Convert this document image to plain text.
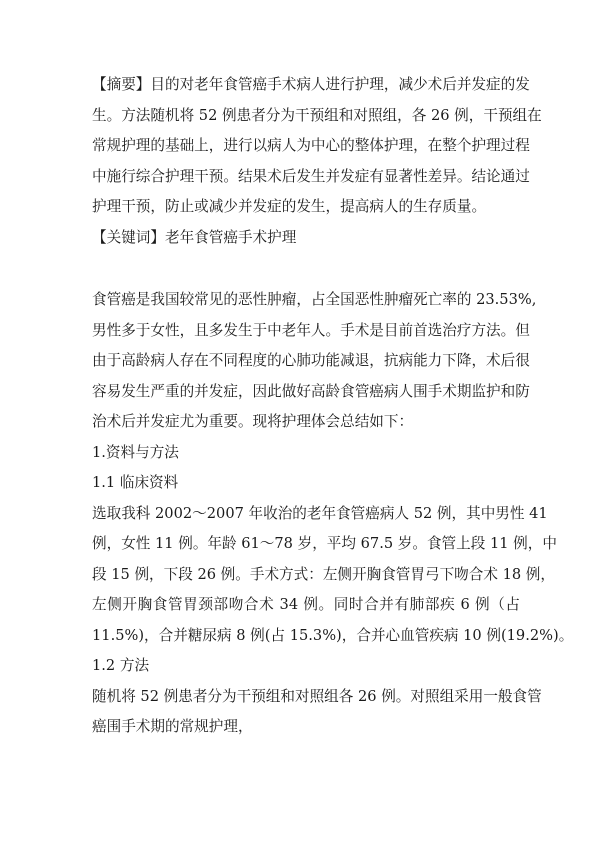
【摘要】目的对老年食管癌手术病人进行护理，减少术后并发症的发
生。方法随机将 52 例患者分为干预组和对照组，各 26 例，干预组在
常规护理的基础上，进行以病人为中心的整体护理，在整个护理过程
中施行综合护理干预。结果术后发生并发症有显著性差异。结论通过
护理干预，防止或减少并发症的发生，提高病人的生存质量。
【关键词】老年食管癌手术护理
食管癌是我国较常见的恶性肿瘤，占全国恶性肿瘤死亡率的 23.53%,
男性多于女性，且多发生于中老年人。手术是目前首选治疗方法。但
由于高龄病人存在不同程度的心肺功能减退，抗病能力下降，术后很
容易发生严重的并发症，因此做好高龄食管癌病人围手术期监护和防
治术后并发症尤为重要。现将护理体会总结如下：
1.资料与方法
1.1 临床资料
选取我科 2002～2007 年收治的老年食管癌病人 52 例，其中男性 41
例，女性 11 例。年龄 61～78 岁，平均 67.5 岁。食管上段 11 例，中
段 15 例，下段 26 例。手术方式：左侧开胸食管胃弓下吻合术 18 例，
左侧开胸食管胃颈部吻合术 34 例。同时合并有肺部疾 6 例（占
11.5%)，合并糖尿病 8 例(占 15.3%)，合并心血管疾病 10 例(19.2%)。
1.2 方法
随机将 52 例患者分为干预组和对照组各 26 例。对照组采用一般食管
癌围手术期的常规护理，
